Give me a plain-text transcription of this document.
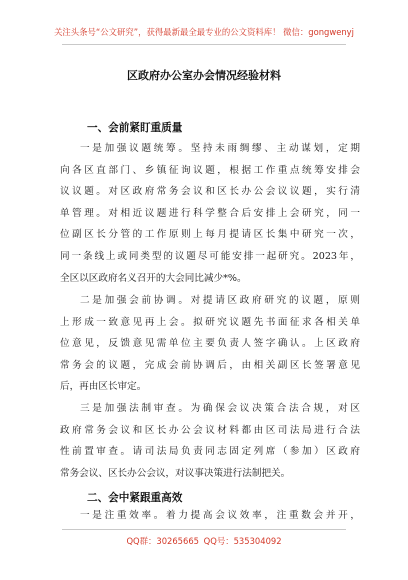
关注头条号“公文研究”，获得最新最全最专业的公文资料库！ 微信：gongwenyj
区政府办公室办会情况经验材料
一、会前紧盯重质量
一是加强议题统筹。坚持未雨绸缪、主动谋划，定期
向各区直部门、乡镇征询议题，根据工作重点统筹安排会
议议题。对区政府常务会议和区长办公会议议题，实行清
单管理。对相近议题进行科学整合后安排上会研究，同一
位副区长分管的工作原则上每月提请区长集中研究一次，
同一条线上或同类型的议题尽可能安排一起研究。2023年，
全区以区政府名义召开的大会同比减少*%。
二是加强会前协调。对提请区政府研究的议题，原则
上形成一致意见再上会。拟研究议题先书面征求各相关单
位意见，反馈意见需单位主要负责人签字确认。上区政府
常务会的议题，完成会前协调后，由相关副区长签署意见
后，再由区长审定。
三是加强法制审查。为确保会议决策合法合规，对区
政府常务会议和区长办公会议材料都由区司法局进行合法
性前置审查。请司法局负责同志固定列席（参加）区政府
常务会议、区长办公会议，对议事决策进行法制把关。
二、会中紧跟重高效
一是注重效率。着力提高会议效率，注重数会并开，
QQ群：30265665 QQ号：535304092
